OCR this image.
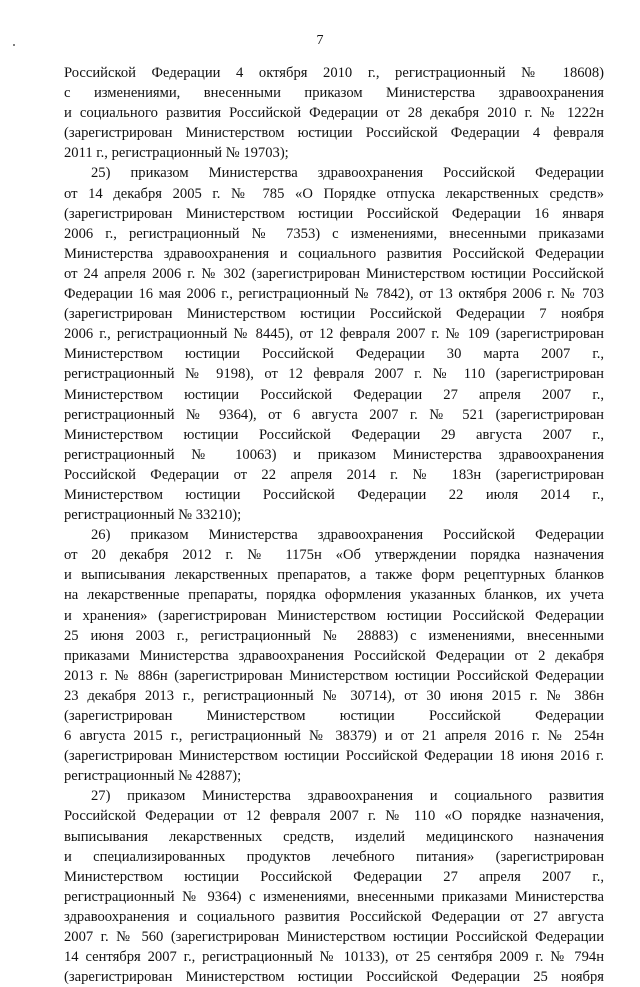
7
Российской Федерации 4 октября 2010 г., регистрационный № 18608)
с изменениями, внесенными приказом Министерства здравоохранения
и социального развития Российской Федерации от 28 декабря 2010 г. № 1222н
(зарегистрирован Министерством юстиции Российской Федерации 4 февраля
2011 г., регистрационный № 19703);
25) приказом Министерства здравоохранения Российской Федерации
от 14 декабря 2005 г. № 785 «О Порядке отпуска лекарственных средств»
(зарегистрирован Министерством юстиции Российской Федерации 16 января
2006 г., регистрационный № 7353) с изменениями, внесенными приказами
Министерства здравоохранения и социального развития Российской Федерации
от 24 апреля 2006 г. № 302 (зарегистрирован Министерством юстиции Российской
Федерации 16 мая 2006 г., регистрационный № 7842), от 13 октября 2006 г. № 703
(зарегистрирован Министерством юстиции Российской Федерации 7 ноября
2006 г., регистрационный № 8445), от 12 февраля 2007 г. № 109 (зарегистрирован
Министерством юстиции Российской Федерации 30 марта 2007 г.,
регистрационный № 9198), от 12 февраля 2007 г. № 110 (зарегистрирован
Министерством юстиции Российской Федерации 27 апреля 2007 г.,
регистрационный № 9364), от 6 августа 2007 г. № 521 (зарегистрирован
Министерством юстиции Российской Федерации 29 августа 2007 г.,
регистрационный № 10063) и приказом Министерства здравоохранения
Российской Федерации от 22 апреля 2014 г. № 183н (зарегистрирован
Министерством юстиции Российской Федерации 22 июля 2014 г.,
регистрационный № 33210);
26) приказом Министерства здравоохранения Российской Федерации
от 20 декабря 2012 г. № 1175н «Об утверждении порядка назначения
и выписывания лекарственных препаратов, а также форм рецептурных бланков
на лекарственные препараты, порядка оформления указанных бланков, их учета
и хранения» (зарегистрирован Министерством юстиции Российской Федерации
25 июня 2003 г., регистрационный № 28883) с изменениями, внесенными
приказами Министерства здравоохранения Российской Федерации от 2 декабря
2013 г. № 886н (зарегистрирован Министерством юстиции Российской Федерации
23 декабря 2013 г., регистрационный № 30714), от 30 июня 2015 г. № 386н
(зарегистрирован Министерством юстиции Российской Федерации
6 августа 2015 г., регистрационный № 38379) и от 21 апреля 2016 г. № 254н
(зарегистрирован Министерством юстиции Российской Федерации 18 июня 2016 г.
регистрационный № 42887);
27) приказом Министерства здравоохранения и социального развития
Российской Федерации от 12 февраля 2007 г. № 110 «О порядке назначения,
выписывания лекарственных средств, изделий медицинского назначения
и специализированных продуктов лечебного питания» (зарегистрирован
Министерством юстиции Российской Федерации 27 апреля 2007 г.,
регистрационный № 9364) с изменениями, внесенными приказами Министерства
здравоохранения и социального развития Российской Федерации от 27 августа
2007 г. № 560 (зарегистрирован Министерством юстиции Российской Федерации
14 сентября 2007 г., регистрационный № 10133), от 25 сентября 2009 г. № 794н
(зарегистрирован Министерством юстиции Российской Федерации 25 ноября
